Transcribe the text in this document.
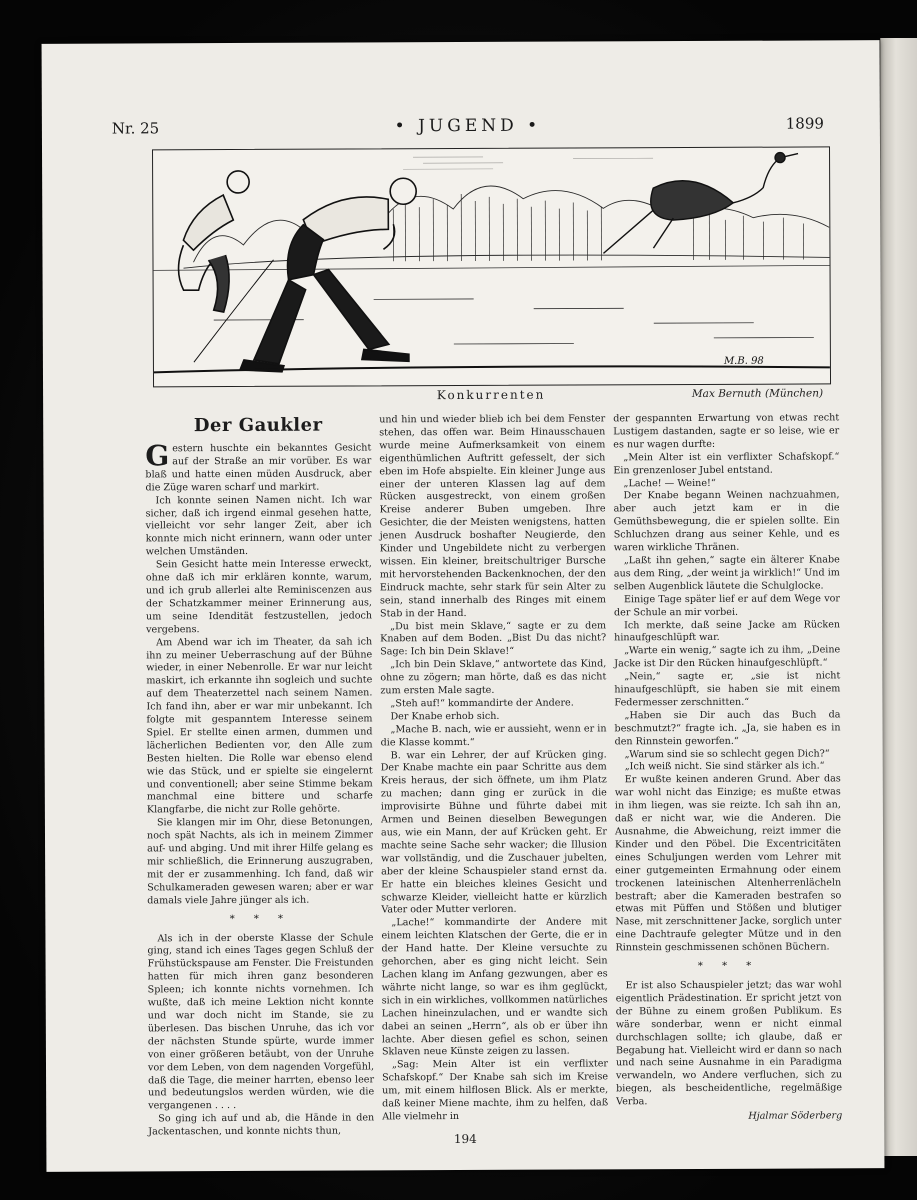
Nr. 25	• JUGEND •	1899
M.B. 98
Konkurrenten	Max Bernuth (München)
Der Gaukler

Gestern huschte ein bekanntes Gesicht auf der Straße an mir vorüber. Es war blaß und hatte einen müden Ausdruck, aber die Züge waren scharf und markirt.

Ich konnte seinen Namen nicht. Ich war sicher, daß ich irgend einmal gesehen hatte, vielleicht vor sehr langer Zeit, aber ich konnte mich nicht erinnern, wann oder unter welchen Umständen.

Sein Gesicht hatte mein Interesse erweckt, ohne daß ich mir erklären konnte, warum, und ich grub allerlei alte Reminiscenzen aus der Schatzkammer meiner Erinnerung aus, um seine Idendität festzustellen, jedoch vergebens.

Am Abend war ich im Theater, da sah ich ihn zu meiner Ueberraschung auf der Bühne wieder, in einer Nebenrolle. Er war nur leicht maskirt, ich erkannte ihn sogleich und suchte auf dem Theaterzettel nach seinem Namen. Ich fand ihn, aber er war mir unbekannt. Ich folgte mit gespanntem Interesse seinem Spiel. Er stellte einen armen, dummen und lächerlichen Bedienten vor, den Alle zum Besten hielten. Die Rolle war ebenso elend wie das Stück, und er spielte sie eingelernt und conventionell; aber seine Stimme bekam manchmal eine bittere und scharfe Klangfarbe, die nicht zur Rolle gehörte.

Sie klangen mir im Ohr, diese Betonungen, noch spät Nachts, als ich in meinem Zimmer auf- und abging. Und mit ihrer Hilfe gelang es mir schließlich, die Erinnerung auszugraben, mit der er zusammenhing. Ich fand, daß wir Schulkameraden gewesen waren; aber er war damals viele Jahre jünger als ich.

* * *

Als ich in der oberste Klasse der Schule ging, stand ich eines Tages gegen Schluß der Frühstückspause am Fenster. Die Freistunden hatten für mich ihren ganz besonderen Spleen; ich konnte nichts vornehmen. Ich wußte, daß ich meine Lektion nicht konnte und war doch nicht im Stande, sie zu überlesen. Das bischen Unruhe, das ich vor der nächsten Stunde spürte, wurde immer von einer größeren betäubt, von der Unruhe vor dem Leben, von dem nagenden Vorgefühl, daß die Tage, die meiner harrten, ebenso leer und bedeutungslos werden würden, wie die vergangenen . . . .

So ging ich auf und ab, die Hände in den Jackentaschen, und konnte nichts thun,

und hin und wieder blieb ich bei dem Fenster stehen, das offen war. Beim Hinausschauen wurde meine Aufmerksamkeit von einem eigenthümlichen Auftritt gefesselt, der sich eben im Hofe abspielte. Ein kleiner Junge aus einer der unteren Klassen lag auf dem Rücken ausgestreckt, von einem großen Kreise anderer Buben umgeben. Ihre Gesichter, die der Meisten wenigstens, hatten jenen Ausdruck boshafter Neugierde, den Kinder und Ungebildete nicht zu verbergen wissen. Ein kleiner, breitschultriger Bursche mit hervorstehenden Backenknochen, der den Eindruck machte, sehr stark für sein Alter zu sein, stand innerhalb des Ringes mit einem Stab in der Hand.

„Du bist mein Sklave,“ sagte er zu dem Knaben auf dem Boden. „Bist Du das nicht? Sage: Ich bin Dein Sklave!“

„Ich bin Dein Sklave,“ antwortete das Kind, ohne zu zögern; man hörte, daß es das nicht zum ersten Male sagte.

„Steh auf!“ kommandirte der Andere.

Der Knabe erhob sich.

„Mache B. nach, wie er aussieht, wenn er in die Klasse kommt.“

B. war ein Lehrer, der auf Krücken ging. Der Knabe machte ein paar Schritte aus dem Kreis heraus, der sich öffnete, um ihm Platz zu machen; dann ging er zurück in die improvisirte Bühne und führte dabei mit Armen und Beinen dieselben Bewegungen aus, wie ein Mann, der auf Krücken geht. Er machte seine Sache sehr wacker; die Illusion war vollständig, und die Zuschauer jubelten, aber der kleine Schauspieler stand ernst da. Er hatte ein bleiches kleines Gesicht und schwarze Kleider, vielleicht hatte er kürzlich Vater oder Mutter verloren.

„Lache!“ kommandirte der Andere mit einem leichten Klatschen der Gerte, die er in der Hand hatte. Der Kleine versuchte zu gehorchen, aber es ging nicht leicht. Sein Lachen klang im Anfang gezwungen, aber es währte nicht lange, so war es ihm geglückt, sich in ein wirkliches, vollkommen natürliches Lachen hineinzulachen, und er wandte sich dabei an seinen „Herrn“, als ob er über ihn lachte. Aber diesen gefiel es schon, seinen Sklaven neue Künste zeigen zu lassen.

„Sag: Mein Alter ist ein verflixter Schafskopf.“ Der Knabe sah sich im Kreise um, mit einem hilflosen Blick. Als er merkte, daß keiner Miene machte, ihm zu helfen, daß Alle vielmehr in

der gespannten Erwartung von etwas recht Lustigem dastanden, sagte er so leise, wie er es nur wagen durfte:

„Mein Alter ist ein verflixter Schafskopf.“ Ein grenzenloser Jubel entstand.

„Lache! — Weine!“

Der Knabe begann Weinen nachzuahmen, aber auch jetzt kam er in die Gemüthsbewegung, die er spielen sollte. Ein Schluchzen drang aus seiner Kehle, und es waren wirkliche Thränen.

„Laßt ihn gehen,“ sagte ein älterer Knabe aus dem Ring, „der weint ja wirklich!“ Und im selben Augenblick läutete die Schulglocke.

Einige Tage später lief er auf dem Wege vor der Schule an mir vorbei.

Ich merkte, daß seine Jacke am Rücken hinaufgeschlüpft war.

„Warte ein wenig,“ sagte ich zu ihm, „Deine Jacke ist Dir den Rücken hinaufgeschlüpft.“

„Nein,“ sagte er, „sie ist nicht hinaufgeschlüpft, sie haben sie mit einem Federmesser zerschnitten.“

„Haben sie Dir auch das Buch da beschmutzt?“ fragte ich. „Ja, sie haben es in den Rinnstein geworfen.“

„Warum sind sie so schlecht gegen Dich?“

„Ich weiß nicht. Sie sind stärker als ich.“

Er wußte keinen anderen Grund. Aber das war wohl nicht das Einzige; es mußte etwas in ihm liegen, was sie reizte. Ich sah ihn an, daß er nicht war, wie die Anderen. Die Ausnahme, die Abweichung, reizt immer die Kinder und den Pöbel. Die Excentricitäten eines Schuljungen werden vom Lehrer mit einer gutgemeinten Ermahnung oder einem trockenen lateinischen Altenherrenlächeln bestraft; aber die Kameraden bestrafen so etwas mit Püffen und Stößen und blutiger Nase, mit zerschnittener Jacke, sorglich unter eine Dachtraufe gelegter Mütze und in den Rinnstein geschmissenen schönen Büchern.

* * *

Er ist also Schauspieler jetzt; das war wohl eigentlich Prädestination. Er spricht jetzt von der Bühne zu einem großen Publikum. Es wäre sonderbar, wenn er nicht einmal durchschlagen sollte; ich glaube, daß er Begabung hat. Vielleicht wird er dann so nach und nach seine Ausnahme in ein Paradigma verwandeln, wo Andere verfluchen, sich zu biegen, als bescheidentliche, regelmäßige Verba.

Hjalmar Söderberg
194
